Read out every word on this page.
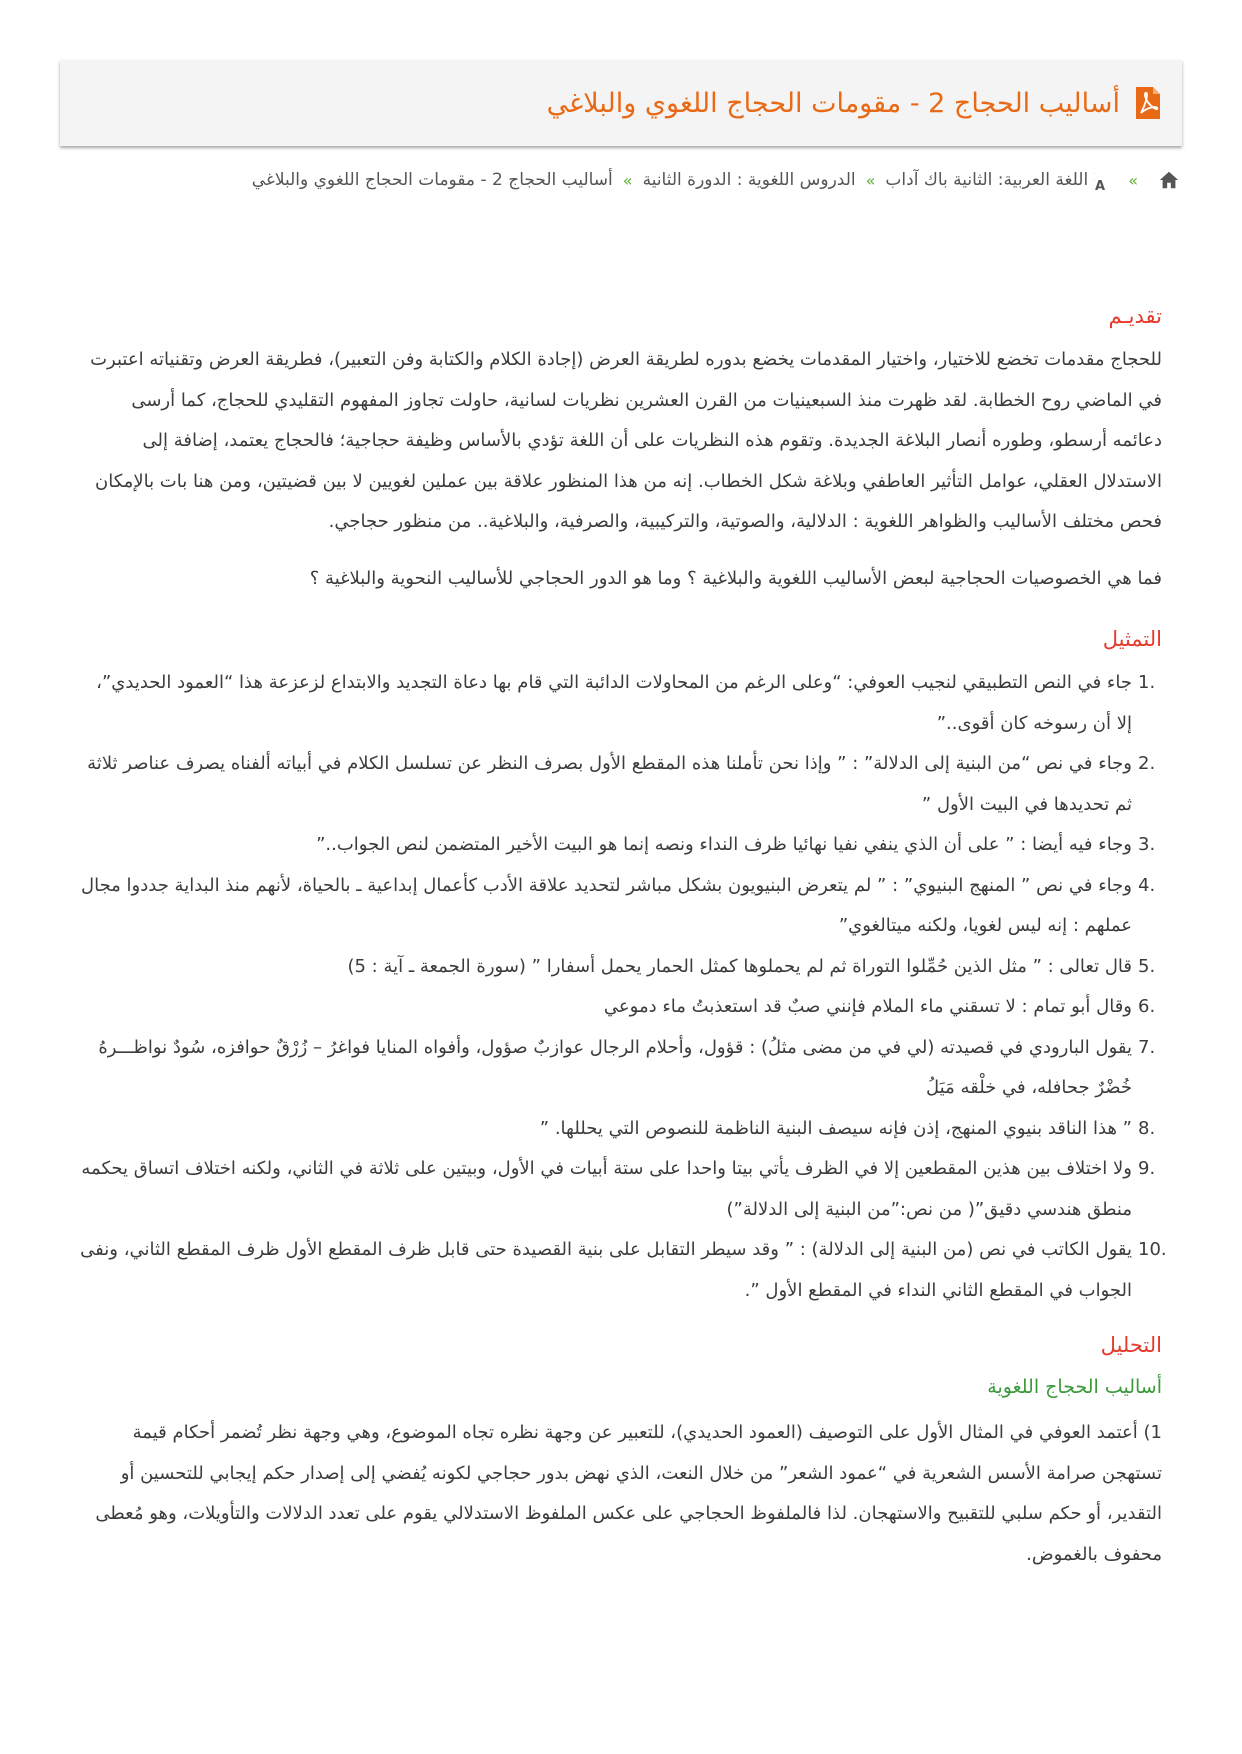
أساليب الحجاج 2 - مقومات الحجاج اللغوي والبلاغي
»
A
اللغة العربية: الثانية باك آداب
»
الدروس اللغوية : الدورة الثانية
»
أساليب الحجاج 2 - مقومات الحجاج اللغوي والبلاغي
تقديـم

للحجاج مقدمات تخضع للاختيار، واختيار المقدمات يخضع بدوره لطريقة العرض (إجادة الكلام والكتابة وفن التعبير)، فطريقة العرض وتقنياته اعتبرت في الماضي روح الخطابة. لقد ظهرت منذ السبعينيات من القرن العشرين نظريات لسانية، حاولت تجاوز المفهوم التقليدي للحجاج، كما أرسى دعائمه أرسطو، وطوره أنصار البلاغة الجديدة. وتقوم هذه النظريات على أن اللغة تؤدي بالأساس وظيفة حجاجية؛ فالحجاج يعتمد، إضافة إلى الاستدلال العقلي، عوامل التأثير العاطفي وبلاغة شكل الخطاب. إنه من هذا المنظور علاقة بين عملين لغويين لا بين قضيتين، ومن هنا بات بالإمكان فحص مختلف الأساليب والظواهر اللغوية : الدلالية، والصوتية، والتركيبية، والصرفية، والبلاغية.. من منظور حجاجي.

فما هي الخصوصيات الحجاجية لبعض الأساليب اللغوية والبلاغية ؟ وما هو الدور الحجاجي للأساليب النحوية والبلاغية ؟

التمثيل
1.
جاء في النص التطبيقي لنجيب العوفي: “وعلى الرغم من المحاولات الدائبة التي قام بها دعاة التجديد والابتداع لزعزعة هذا “العمود الحديدي”، إلا أن رسوخه كان أقوى..”
2.
وجاء في نص “من البنية إلى الدلالة” : ” وإذا نحن تأملنا هذه المقطع الأول بصرف النظر عن تسلسل الكلام في أبياته ألفناه يصرف عناصر ثلاثة ثم تحديدها في البيت الأول ”
3.
وجاء فيه أيضا : ” على أن الذي ينفي نفيا نهائيا ظرف النداء ونصه إنما هو البيت الأخير المتضمن لنص الجواب..”
4.
وجاء في نص ” المنهج البنيوي” : ” لم يتعرض البنيويون بشكل مباشر لتحديد علاقة الأدب كأعمال إبداعية ـ بالحياة، لأنهم منذ البداية جددوا مجال عملهم : إنه ليس لغويا، ولكنه ميتالغوي”
5.
قال تعالى : ” مثل الذين حُمِّلوا التوراة ثم لم يحملوها كمثل الحمار يحمل أسفارا ” (سورة الجمعة ـ آية : 5)
6.
وقال أبو تمام : لا تسقني ماء الملام فإنني صبٌ قد استعذبتُ ماء دموعي
7.
يقول البارودي في قصيدته (لي في من مضى مثلُ) : قؤول، وأحلام الرجال عوازبٌ صؤول، وأفواه المنايا فواغرُ – زُرْقٌ حوافزه، سُودٌ نواظـــرهُ خُضْرٌ جحافله، في خلْقه مَيَلُ
8.
” هذا الناقد بنيوي المنهج، إذن فإنه سيصف البنية الناظمة للنصوص التي يحللها. ”
9.
ولا اختلاف بين هذين المقطعين إلا في الظرف يأتي بيتا واحدا على ستة أبيات في الأول، وبيتين على ثلاثة في الثاني، ولكنه اختلاف اتساق يحكمه منطق هندسي دقيق”( من نص:”من البنية إلى الدلالة”)
10.
يقول الكاتب في نص (من البنية إلى الدلالة) : ” وقد سيطر التقابل على بنية القصيدة حتى قابل ظرف المقطع الأول ظرف المقطع الثاني، ونفى الجواب في المقطع الثاني النداء في المقطع الأول ”.
التحليل
أساليب الحجاج اللغوية

1) أعتمد العوفي في المثال الأول على التوصيف (العمود الحديدي)، للتعبير عن وجهة نظره تجاه الموضوع، وهي وجهة نظر تُضمر أحكام قيمة تستهجن صرامة الأسس الشعرية في “عمود الشعر” من خلال النعت، الذي نهض بدور حجاجي لكونه يُفضي إلى إصدار حكم إيجابي للتحسين أو التقدير، أو حكم سلبي للتقبيح والاستهجان. لذا فالملفوظ الحجاجي على عكس الملفوظ الاستدلالي يقوم على تعدد الدلالات والتأويلات، وهو مُعطى محفوف بالغموض.
